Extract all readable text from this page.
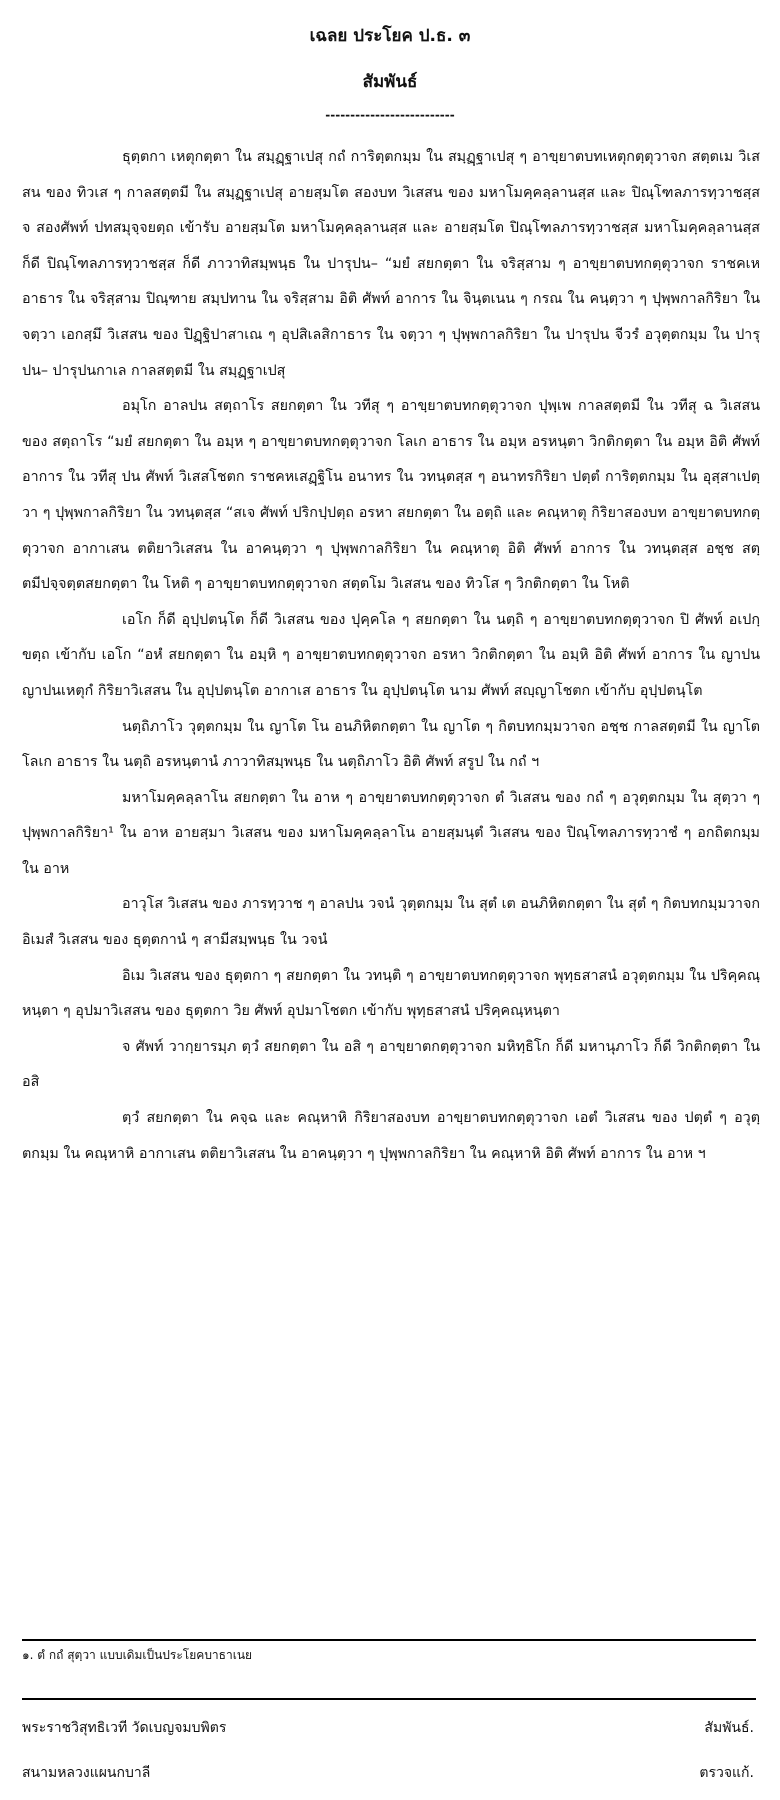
เฉลย ประโยค ป.ธ. ๓
สัมพันธ์
--------------------------

ธุตฺตกา เหตุกตฺตา ใน สมฺฏฺฐาเปสุ กถํ การิตฺตกมฺม ใน สมฺฏฺฐาเปสุ ๆ อาขฺยาตบทเหตุกตฺตุวาจก สตฺตเม วิเสสน ของ ทิวเส ๆ กาลสตฺตมี ใน สมฺฏฺฐาเปสุ อายสฺมโต สองบท วิเสสน ของ มหาโมคฺคลฺลานสฺส และ ปิณฺโฑลภารทฺวาชสฺส จ สองศัพท์ ปทสมุจฺจยตฺถ เข้ารับ อายสฺมโต มหาโมคฺคลฺลานสฺส และ อายสฺมโต ปิณฺโฑลภารทฺวาชสฺส มหาโมคฺคลฺลานสฺส ก็ดี ปิณฺโฑลภารทฺวาชสฺส ก็ดี ภาวาทิสมฺพนฺธ ใน ปารุปน– “มยํ สยกตฺตา ใน จริสฺสาม ๆ อาขฺยาตบทกตฺตุวาจก ราชคเห อาธาร ใน จริสฺสาม ปิณฺฑาย สมฺปทาน ใน จริสฺสาม อิติ ศัพท์ อาการ ใน จินฺตเนน ๆ กรณ ใน คนฺตฺวา ๆ ปุพฺพกาลกิริยา ใน จตฺวา เอกสฺมึ วิเสสน ของ ปิฏฺฐิปาสาเณ ๆ อุปสิเลสิกาธาร ใน จตฺวา ๆ ปุพฺพกาลกิริยา ใน ปารุปน จีวรํ อวุตฺตกมฺม ใน ปารุปน– ปารุปนกาเล กาลสตฺตมี ใน สมฺฏฺฐาเปสุ

อมุโก อาลปน สตฺถาโร สยกตฺตา ใน วทีสุ ๆ อาขฺยาตบทกตฺตุวาจก ปุพฺเพ กาลสตฺตมี ใน วทีสุ ฉ วิเสสน ของ สตฺถาโร “มยํ สยกตฺตา ใน อมฺห ๆ อาขฺยาตบทกตฺตุวาจก โลเก อาธาร ใน อมฺห อรหนฺตา วิกติกตฺตา ใน อมฺห อิติ ศัพท์ อาการ ใน วทีสุ ปน ศัพท์ วิเสสโชตก ราชคหเสฏฺฐิโน อนาทร ใน วทนฺตสฺส ๆ อนาทรกิริยา ปตฺตํ การิตฺตกมฺม ใน อุสฺสาเปตฺวา ๆ ปุพฺพกาลกิริยา ใน วทนฺตสฺส “สเจ ศัพท์ ปริกปฺปตฺถ อรหา สยกตฺตา ใน อตฺถิ และ คณฺหาตุ กิริยาสองบท อาขฺยาตบทกตฺตุวาจก อากาเสน ตติยาวิเสสน ใน อาคนฺตฺวา ๆ ปุพฺพกาลกิริยา ใน คณฺหาตุ อิติ ศัพท์ อาการ ใน วทนฺตสฺส อชฺช สตฺตมีปจฺจตฺตสยกตฺตา ใน โหติ ๆ อาขฺยาตบทกตฺตุวาจก สตฺตโม วิเสสน ของ ทิวโส ๆ วิกติกตฺตา ใน โหติ

เอโก ก็ดี อุปฺปตนฺโต ก็ดี วิเสสน ของ ปุคฺคโล ๆ สยกตฺตา ใน นตฺถิ ๆ อาขฺยาตบทกตฺตุวาจก ปิ ศัพท์ อเปกฺขตฺถ เข้ากับ เอโก “อหํ สยกตฺตา ใน อมฺหิ ๆ อาขฺยาตบทกตฺตุวาจก อรหา วิกติกตฺตา ใน อมฺหิ อิติ ศัพท์ อาการ ใน ญาปน ญาปนเหตุกํ กิริยาวิเสสน ใน อุปฺปตนฺโต อากาเส อาธาร ใน อุปฺปตนฺโต นาม ศัพท์ สญฺญาโชตก เข้ากับ อุปฺปตนฺโต

นตฺถิภาโว วุตฺตกมฺม ใน ญาโต โน อนภิหิตกตฺตา ใน ญาโต ๆ กิตบทกมฺมวาจก อชฺช กาลสตฺตมี ใน ญาโต โลเก อาธาร ใน นตฺถิ อรหนฺตานํ ภาวาทิสมฺพนฺธ ใน นตฺถิภาโว อิติ ศัพท์ สรูป ใน กถํ ฯ

มหาโมคฺคลฺลาโน สยกตฺตา ใน อาห ๆ อาขฺยาตบทกตฺตุวาจก ตํ วิเสสน ของ กถํ ๆ อวุตฺตกมฺม ใน สุตฺวา ๆ ปุพฺพกาลกิริยา¹ ใน อาห อายสฺมา วิเสสน ของ มหาโมคฺคลฺลาโน อายสฺมนฺตํ วิเสสน ของ ปิณฺโฑลภารทฺวาชํ ๆ อกถิตกมฺม ใน อาห

อาวุโส วิเสสน ของ ภารทฺวาช ๆ อาลปน วจนํ วุตฺตกมฺม ใน สุตํ เต อนภิหิตกตฺตา ใน สุตํ ๆ กิตบทกมฺมวาจก อิเมสํ วิเสสน ของ ธุตฺตกานํ ๆ สามีสมฺพนฺธ ใน วจนํ

อิเม วิเสสน ของ ธุตฺตกา ๆ สยกตฺตา ใน วทนฺติ ๆ อาขฺยาตบทกตฺตุวาจก พุทฺธสาสนํ อวุตฺตกมฺม ใน ปริคฺคณฺหนฺตา ๆ อุปมาวิเสสน ของ ธุตฺตกา วิย ศัพท์ อุปมาโชตก เข้ากับ พุทฺธสาสนํ ปริคฺคณฺหนฺตา

จ ศัพท์ วากฺยารมฺภ ตฺวํ สยกตฺตา ใน อสิ ๆ อาขฺยาตกตฺตุวาจก มหิทฺธิโก ก็ดี มหานุภาโว ก็ดี วิกติกตฺตา ใน อสิ

ตฺวํ สยกตฺตา ใน คจฺฉ และ คณฺหาหิ กิริยาสองบท อาขฺยาตบทกตฺตุวาจก เอตํ วิเสสน ของ ปตฺตํ ๆ อวุตฺตกมฺม ใน คณฺหาหิ อากาเสน ตติยาวิเสสน ใน อาคนฺตฺวา ๆ ปุพฺพกาลกิริยา ใน คณฺหาหิ อิติ ศัพท์ อาการ ใน อาห ฯ

๑. ตํ กถํ สุตฺวา แบบเดิมเป็นประโยคบาธาเนย
พระราชวิสุทธิเวที วัดเบญจมบพิตร
สนามหลวงแผนกบาลี
สัมพันธ์.
ตรวจแก้.
